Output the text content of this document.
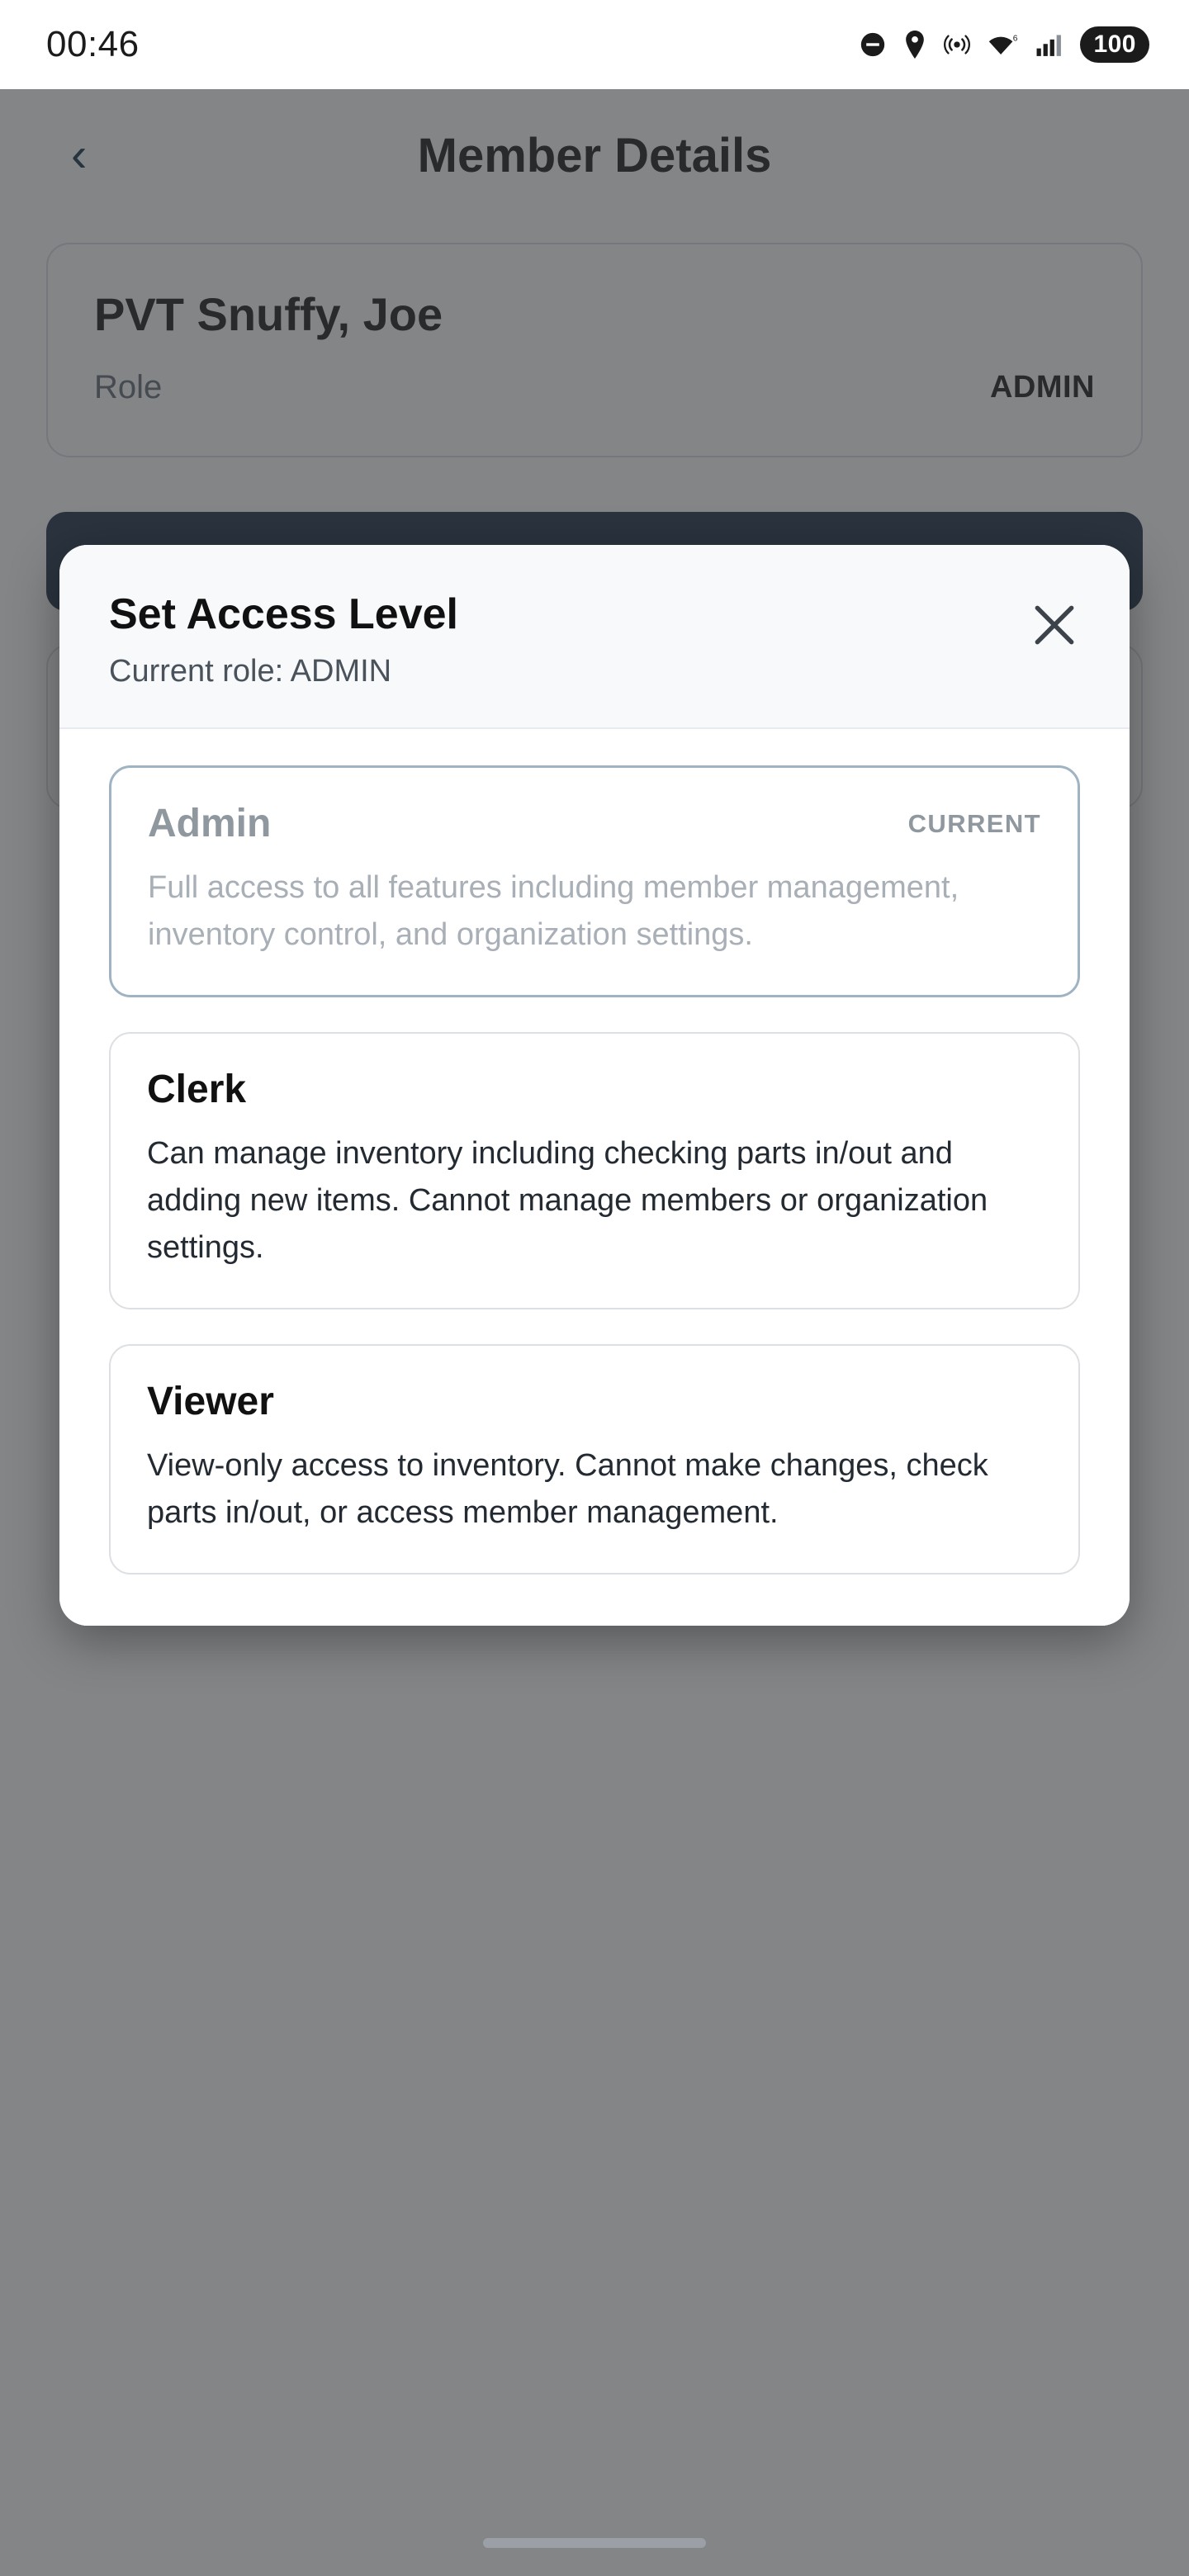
00:46	6	100
Set Access Level
Current role: ADMIN
Admin	CURRENT
Full access to all features including member management, inventory control, and organization settings.
Clerk
Can manage inventory including checking parts in/out and adding new items. Cannot manage members or organization settings.
Viewer
View-only access to inventory. Cannot make changes, check parts in/out, or access member management.
